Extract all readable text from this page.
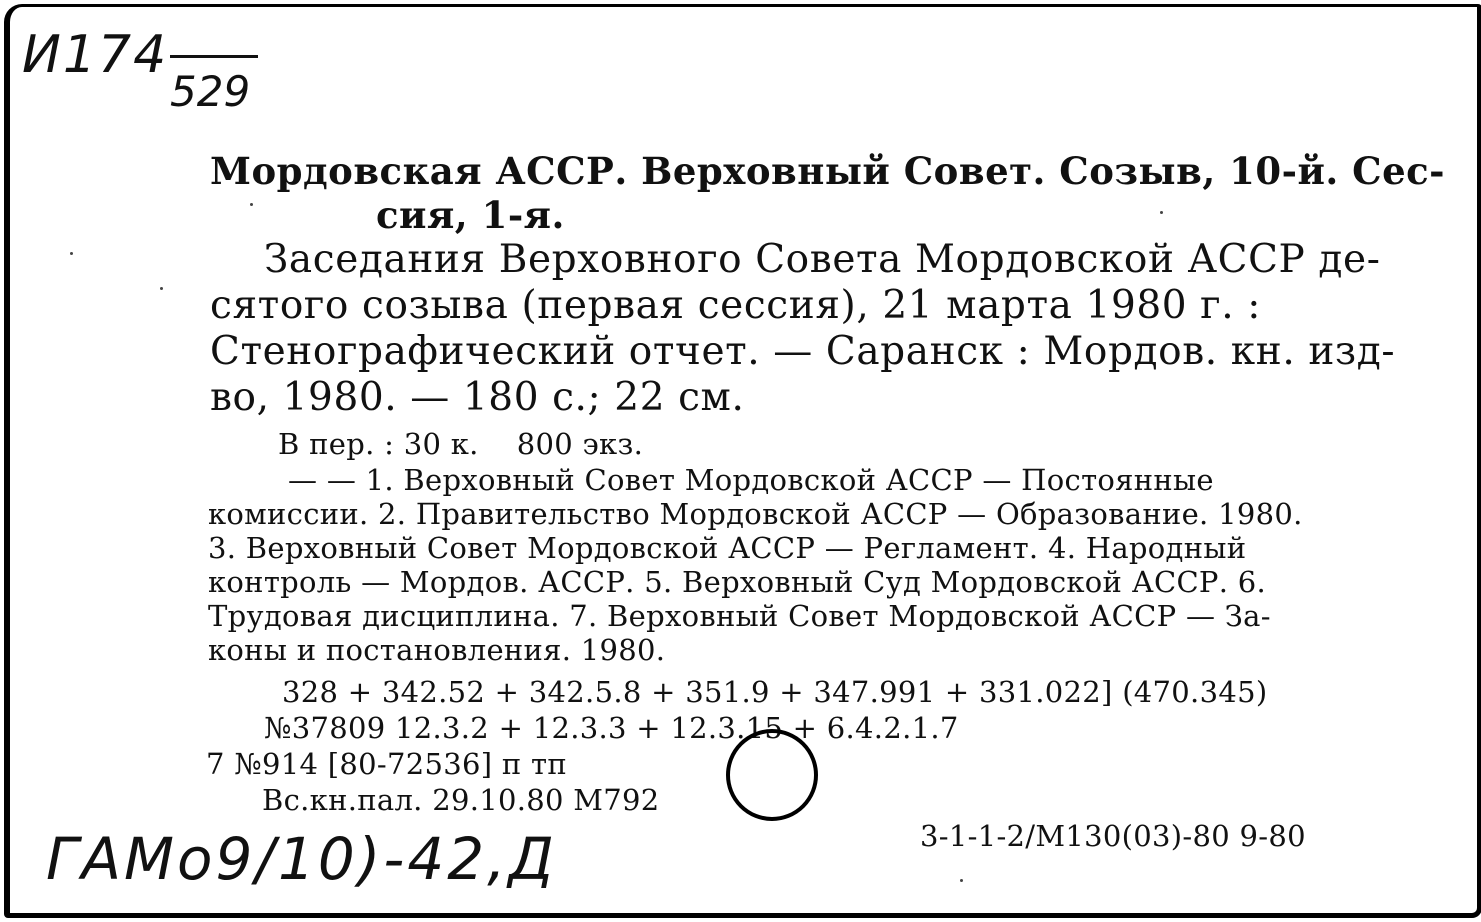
И174
529
Мордовская АССР. Верховный Совет. Созыв, 10-й. Сес-
сия, 1-я.
Заседания Верховного Совета Мордовской АССР де-
сятого созыва (первая сессия), 21 марта 1980 г. :
Стенографический отчет. — Саранск : Мордов. кн. изд-
во, 1980. — 180 с.; 22 см.
В пер. : 30 к.    800 экз.
— — 1. Верховный Совет Мордовской АССР — Постоянные
комиссии. 2. Правительство Мордовской АССР — Образование. 1980.
3. Верховный Совет Мордовской АССР — Регламент. 4. Народный
контроль — Мордов. АССР. 5. Верховный Суд Мордовской АССР. 6.
Трудовая дисциплина. 7. Верховный Совет Мордовской АССР — За-
коны и постановления. 1980.
328 + 342.52 + 342.5.8 + 351.9 + 347.991 + 331.022] (470.345)
№37809 12.3.2 + 12.3.3 + 12.3.15 + 6.4.2.1.7
7 №914 [80-72536] п тп
Вс.кн.пал. 29.10.80 М792
3-1-1-2/М130(03)-80 9-80
ГАМо9/10)-42,Д
